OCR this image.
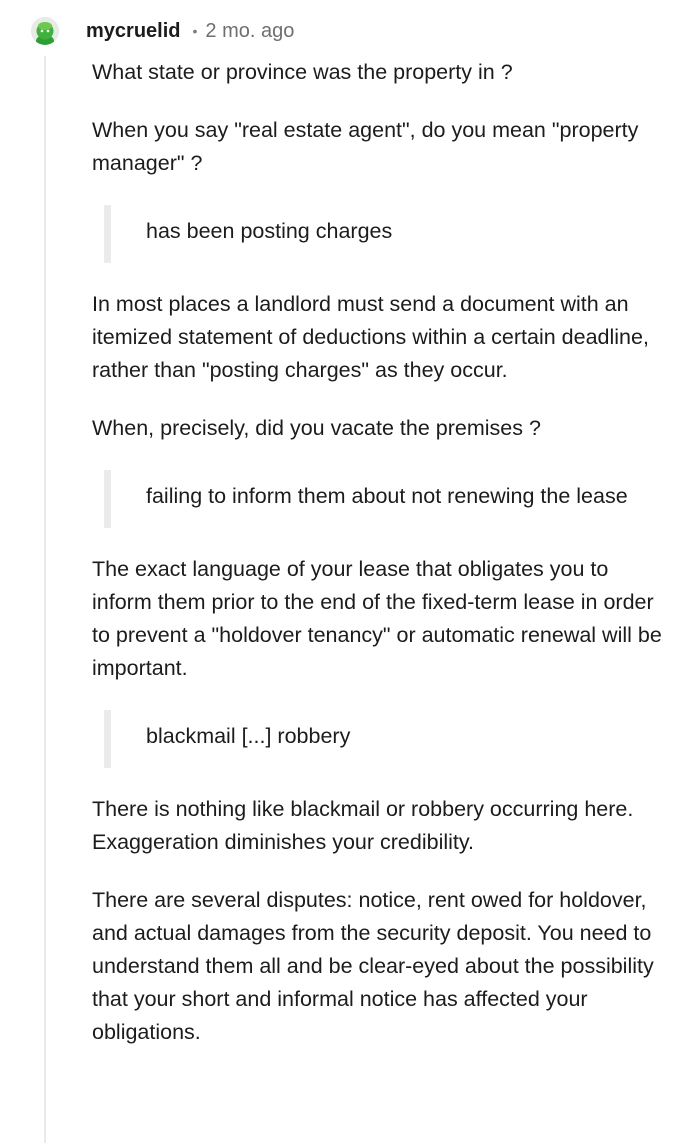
mycruelid • 2 mo. ago

What state or province was the property in ?

When you say "real estate agent", do you mean "property manager" ?

has been posting charges

In most places a landlord must send a document with an itemized statement of deductions within a certain deadline, rather than "posting charges" as they occur.

When, precisely, did you vacate the premises ?

failing to inform them about not renewing the lease

The exact language of your lease that obligates you to inform them prior to the end of the fixed-term lease in order to prevent a "holdover tenancy" or automatic renewal will be important.

blackmail [...] robbery

There is nothing like blackmail or robbery occurring here. Exaggeration diminishes your credibility.

There are several disputes: notice, rent owed for holdover, and actual damages from the security deposit. You need to understand them all and be clear-eyed about the possibility that your short and informal notice has affected your obligations.
